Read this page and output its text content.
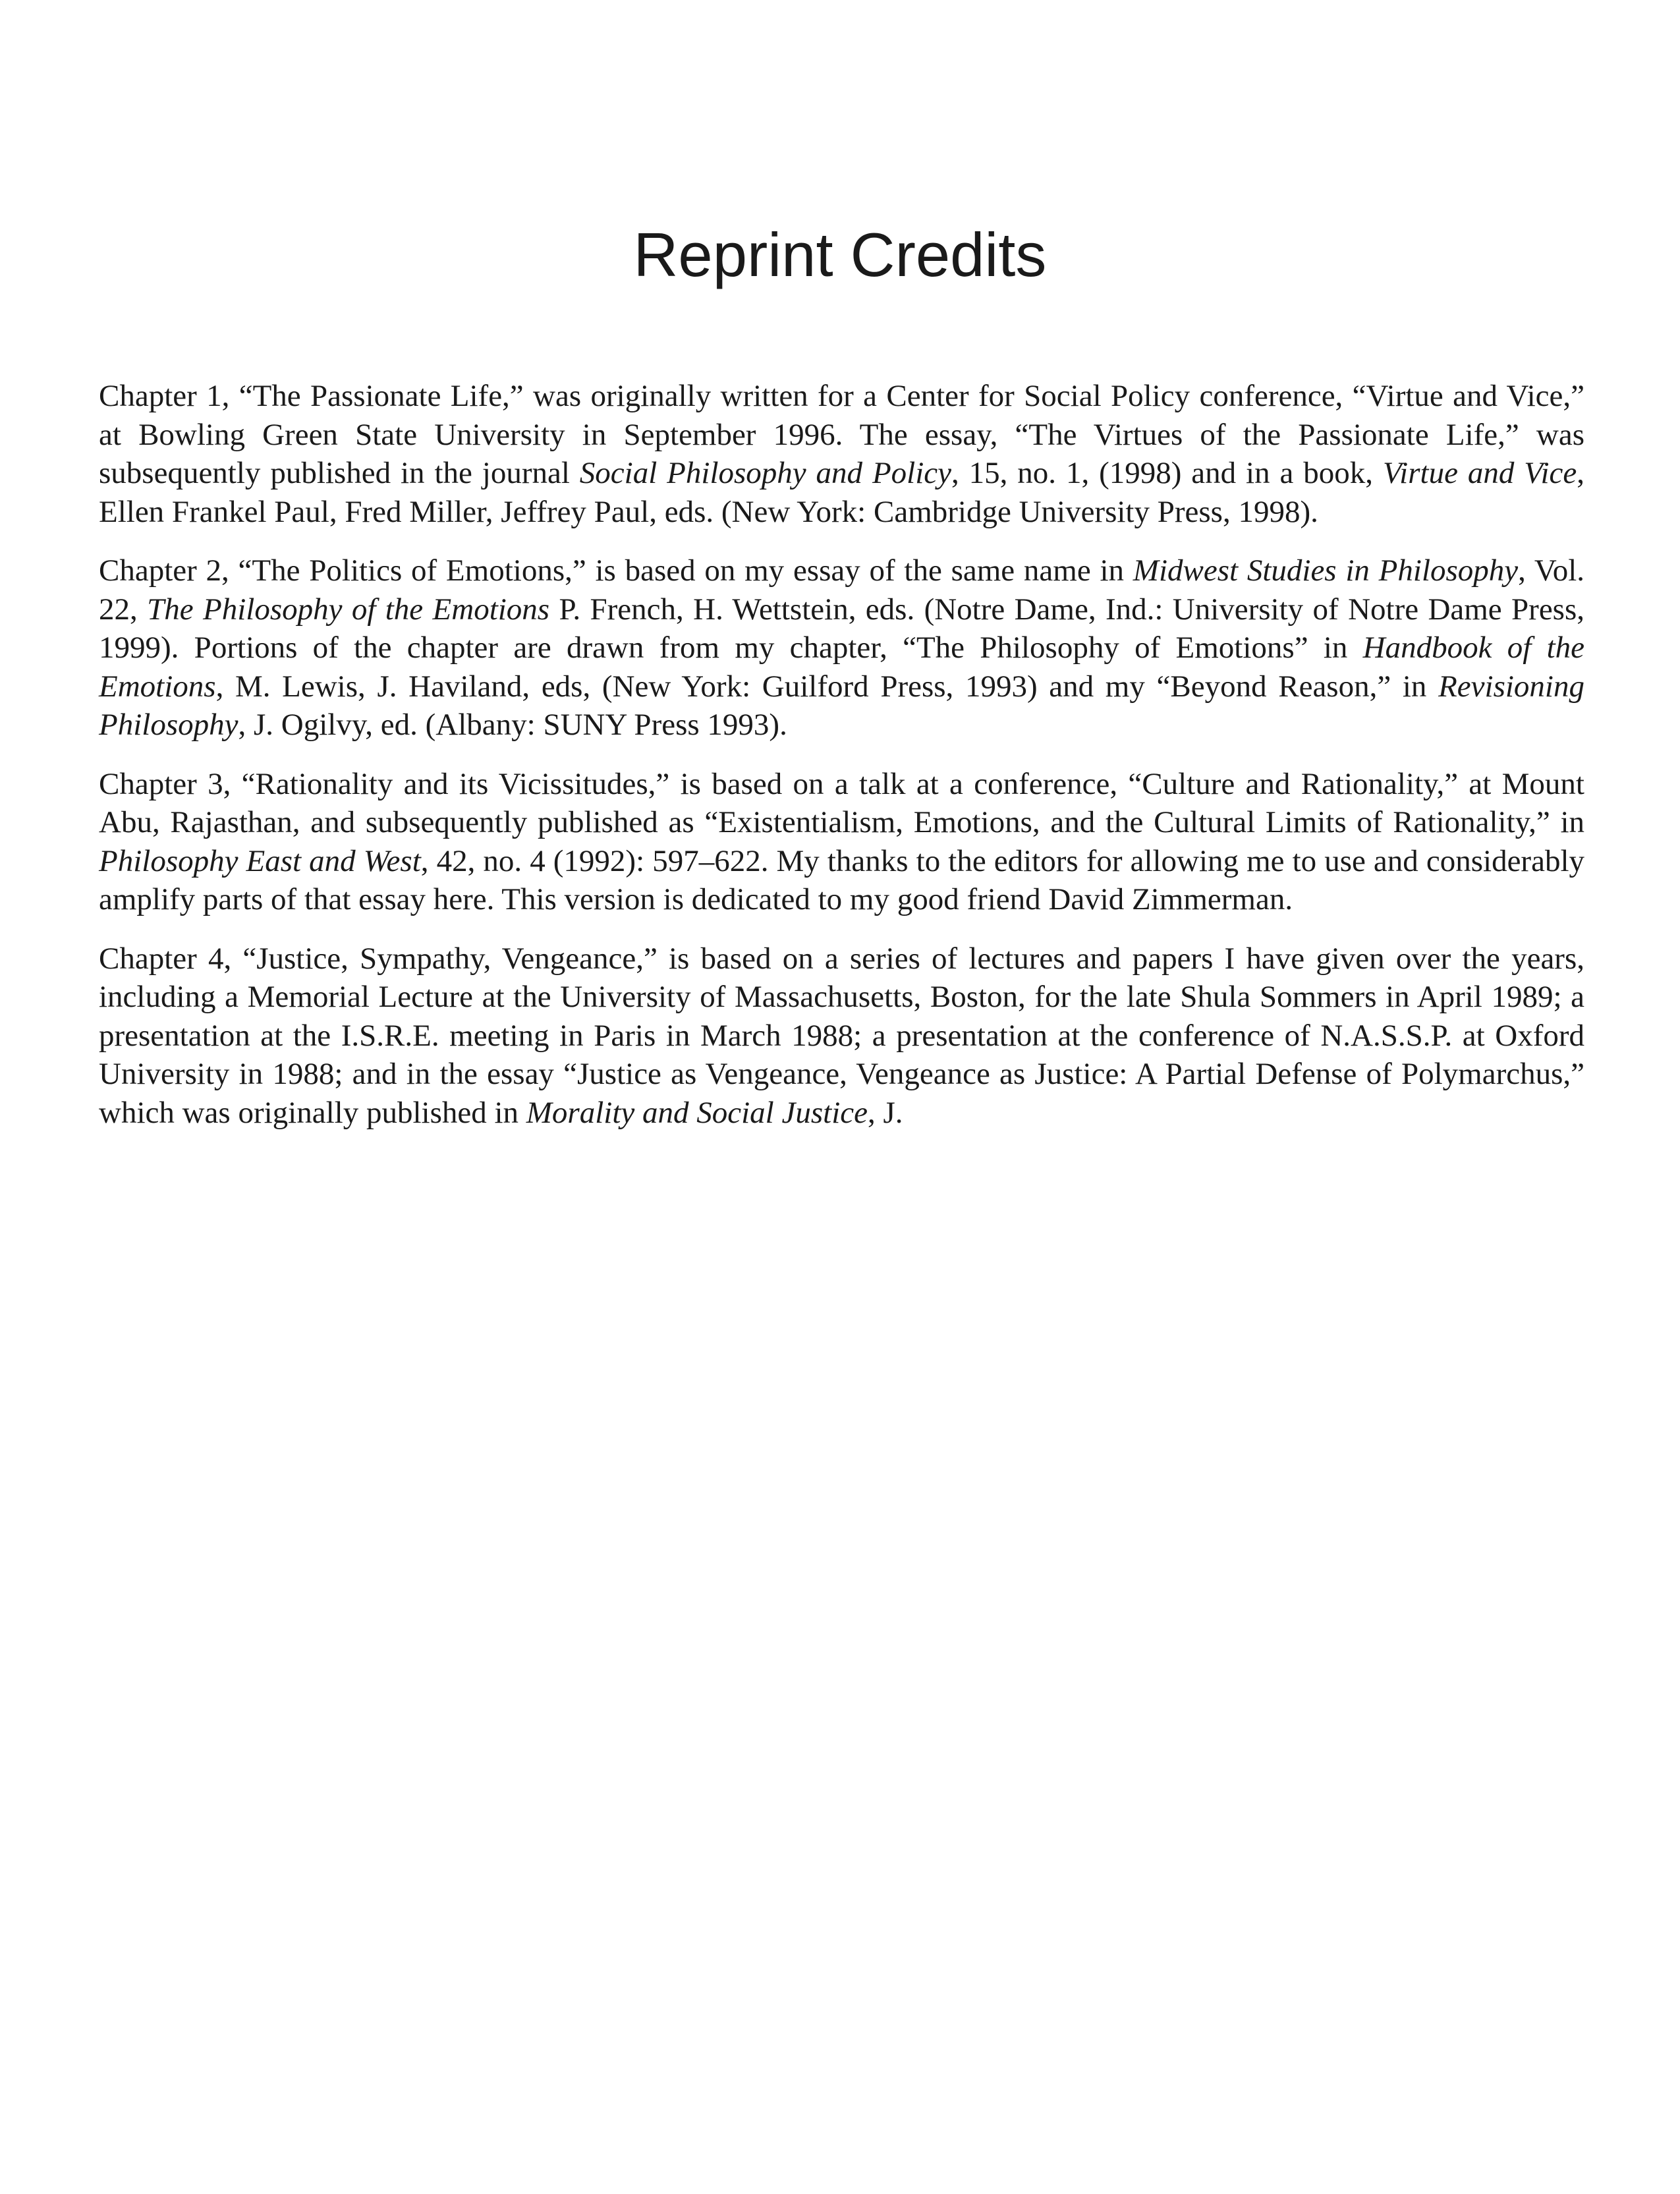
Reprint Credits

Chapter 1, “The Passionate Life,” was originally written for a Center for Social Policy conference, “Virtue and Vice,” at Bowling Green State University in September 1996. The essay, “The Virtues of the Passionate Life,” was subsequently published in the journal Social Philosophy and Policy, 15, no. 1, (1998) and in a book, Virtue and Vice, Ellen Frankel Paul, Fred Miller, Jeffrey Paul, eds. (New York: Cambridge University Press, 1998).

Chapter 2, “The Politics of Emotions,” is based on my essay of the same name in Midwest Studies in Philosophy, Vol. 22, The Philosophy of the Emotions P. French, H. Wettstein, eds. (Notre Dame, Ind.: University of Notre Dame Press, 1999). Portions of the chapter are drawn from my chapter, “The Philosophy of Emotions” in Handbook of the Emotions, M. Lewis, J. Haviland, eds, (New York: Guilford Press, 1993) and my “Beyond Reason,” in Revisioning Philosophy, J. Ogilvy, ed. (Albany: SUNY Press 1993).

Chapter 3, “Rationality and its Vicissitudes,” is based on a talk at a conference, “Culture and Rationality,” at Mount Abu, Rajasthan, and subsequently published as “Existentialism, Emotions, and the Cultural Limits of Rationality,” in Philosophy East and West, 42, no. 4 (1992): 597–622. My thanks to the editors for allowing me to use and considerably amplify parts of that essay here. This version is dedicated to my good friend David Zimmerman.

Chapter 4, “Justice, Sympathy, Vengeance,” is based on a series of lectures and papers I have given over the years, including a Memorial Lecture at the University of Massachusetts, Boston, for the late Shula Sommers in April 1989; a presentation at the I.S.R.E. meeting in Paris in March 1988; a presentation at the conference of N.A.S.S.P. at Oxford University in 1988; and in the essay “Justice as Vengeance, Vengeance as Justice: A Partial Defense of Polymarchus,” which was originally published in Morality and Social Justice, J.
